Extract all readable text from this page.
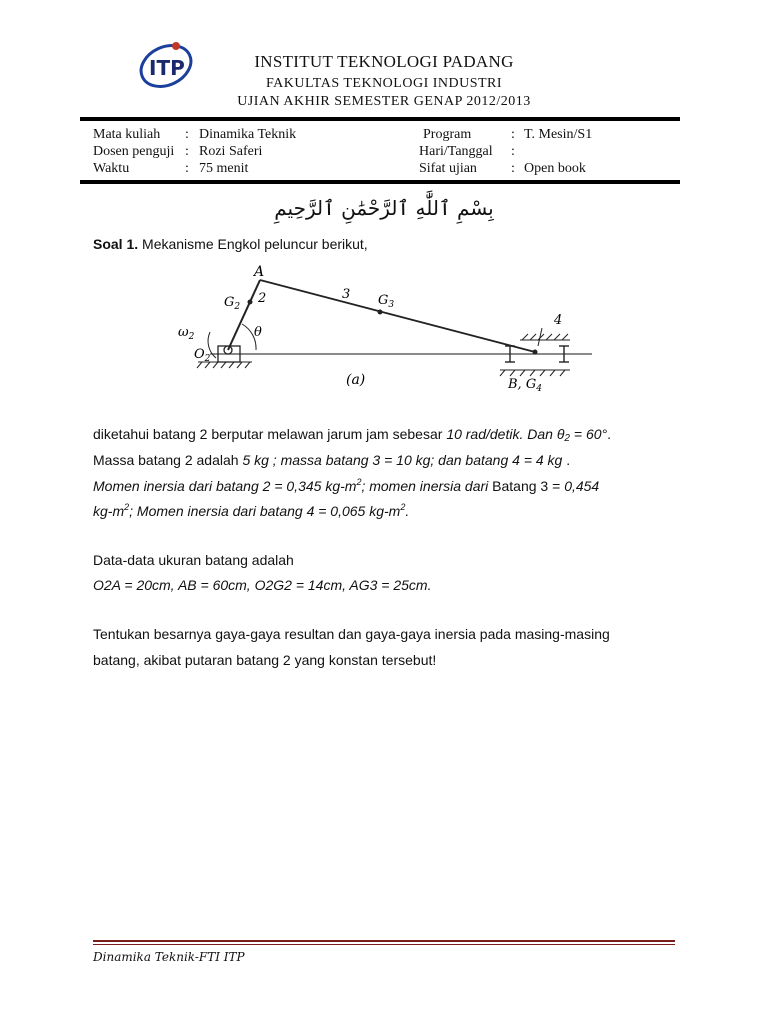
ITP	INSTITUT TEKNOLOGI PADANG
FAKULTAS TEKNOLOGI INDUSTRI
UJIAN AKHIR SEMESTER GENAP 2012/2013
Mata kuliah : Dinamika Teknik	Program	: T. Mesin/S1
Dosen penguji : Rozi Saferi	Hari/Tanggal :
Waktu	: 75 menit	Sifat ujian : Open book
بِسْمِ ٱللَّٰهِ ٱلرَّحْمَٰنِ ٱلرَّحِيمِ
Soal 1. Mekanisme Engkol peluncur berikut,
A
$G_2$
2	3 $G_3$
4
$\omega_2$	θ
$O_2$
(a)	B, $G_4$
diketahui batang 2 berputar melawan jarum jam sebesar 10 rad/detik. Dan θ2 = 60°.
Massa batang 2 adalah 5 kg ; massa batang 3 = 10 kg; dan batang 4 = 4 kg .
Momen inersia dari batang 2 = 0,345 $kg-m^2$; momen inersia dari Batang 3 = 0,454
$kg-m^2$; Momen inersia dari batang 4 = 0,065 $kg-m^2$.
Data-data ukuran batang adalah
O2A = 20cm, AB = 60cm, O2G2 = 14cm, AG3 = 25cm.
Tentukan besarnya gaya-gaya resultan dan gaya-gaya inersia pada masing-masing
batang, akibat putaran batang 2 yang konstan tersebut!
Dinamika Teknik-FTI ITP
